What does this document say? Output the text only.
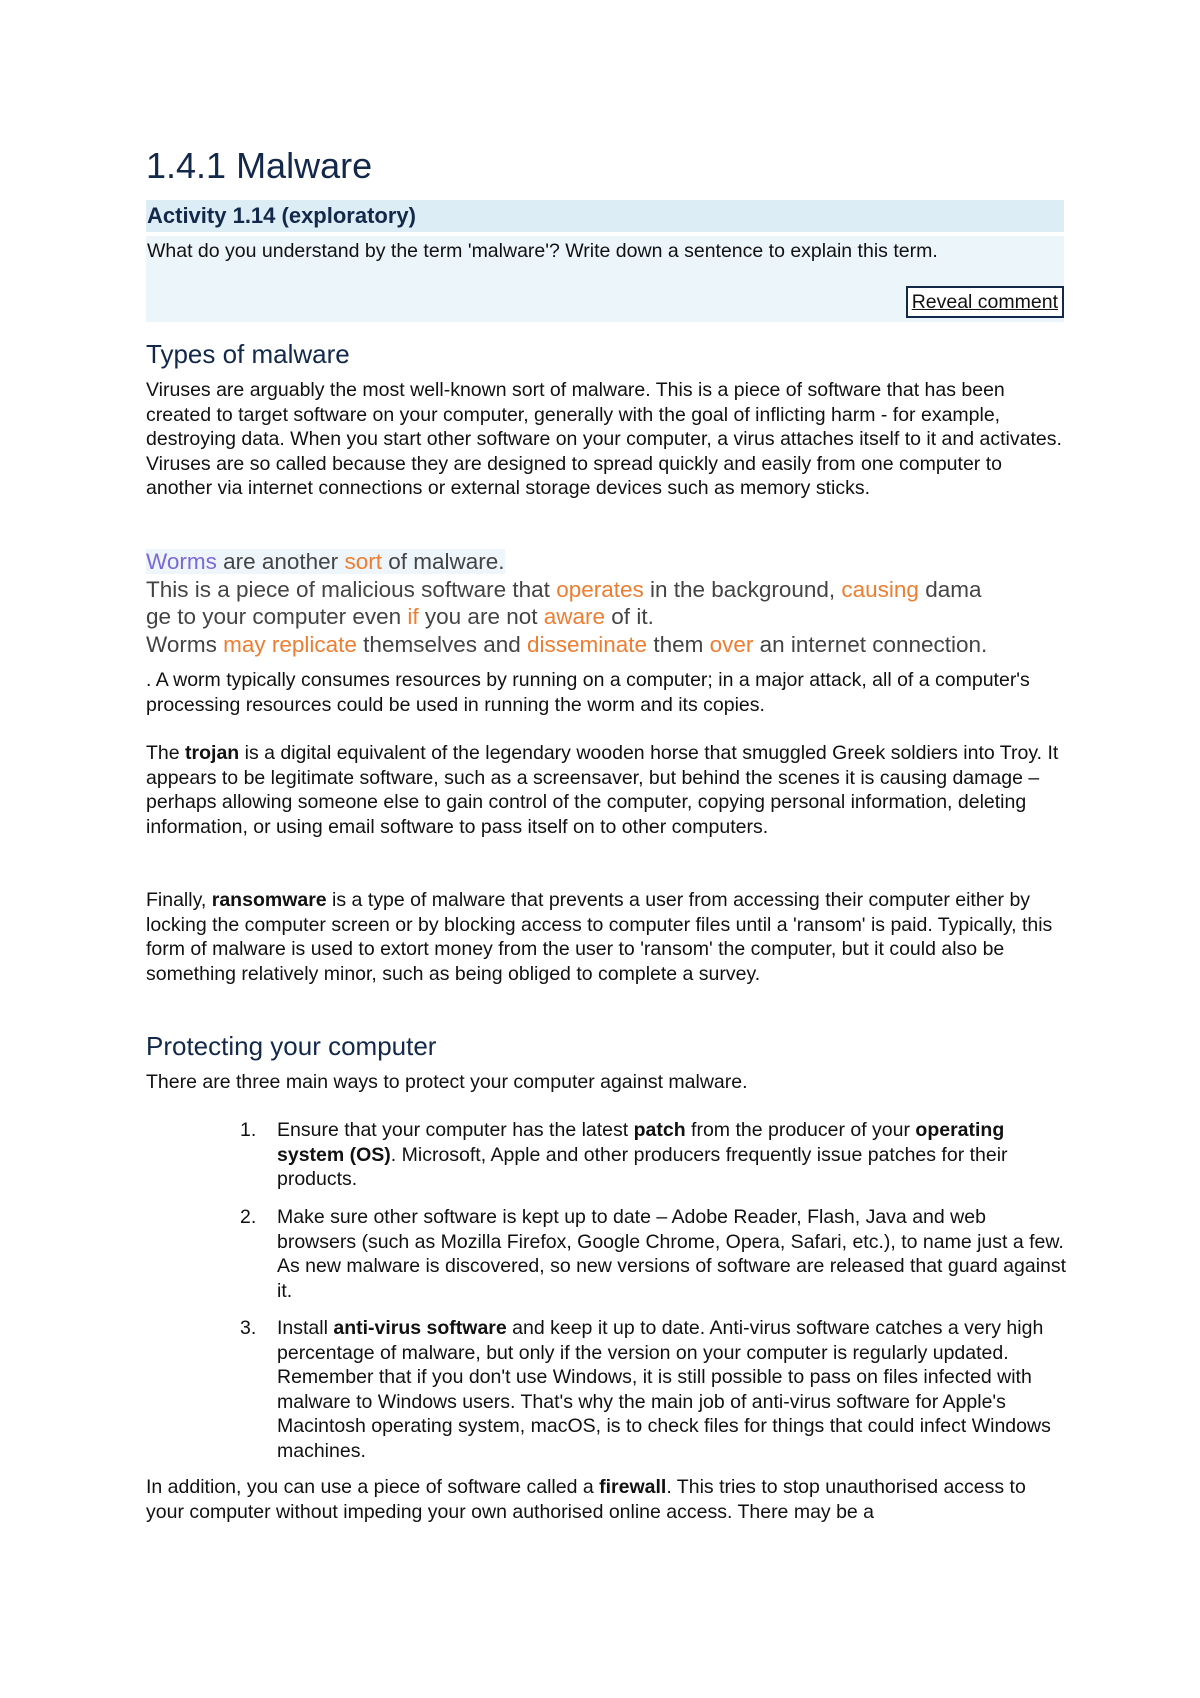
1.4.1 Malware
Activity 1.14 (exploratory)
What do you understand by the term 'malware'? Write down a sentence to explain this term.
Reveal comment
Types of malware

Viruses are arguably the most well-known sort of malware. This is a piece of software that has been created to target software on your computer, generally with the goal of inflicting harm - for example, destroying data. When you start other software on your computer, a virus attaches itself to it and activates. Viruses are so called because they are designed to spread quickly and easily from one computer to another via internet connections or external storage devices such as memory sticks.

Worms are another sort of malware.
This is a piece of malicious software that operates in the background, causing dama
ge to your computer even if you are not aware of it.
Worms may replicate themselves and disseminate them over an internet connection.

. A worm typically consumes resources by running on a computer; in a major attack, all of a computer's processing resources could be used in running the worm and its copies.

The trojan is a digital equivalent of the legendary wooden horse that smuggled Greek soldiers into Troy. It appears to be legitimate software, such as a screensaver, but behind the scenes it is causing damage – perhaps allowing someone else to gain control of the computer, copying personal information, deleting information, or using email software to pass itself on to other computers.

Finally, ransomware is a type of malware that prevents a user from accessing their computer either by locking the computer screen or by blocking access to computer files until a 'ransom' is paid. Typically, this form of malware is used to extort money from the user to 'ransom' the computer, but it could also be something relatively minor, such as being obliged to complete a survey.

Protecting your computer

There are three main ways to protect your computer against malware.

1.	Ensure that your computer has the latest patch from the producer of your operating system (OS). Microsoft, Apple and other producers frequently issue patches for their products.
2.	Make sure other software is kept up to date – Adobe Reader, Flash, Java and web browsers (such as Mozilla Firefox, Google Chrome, Opera, Safari, etc.), to name just a few. As new malware is discovered, so new versions of software are released that guard against it.
3.	Install anti-virus software and keep it up to date. Anti-virus software catches a very high percentage of malware, but only if the version on your computer is regularly updated. Remember that if you don't use Windows, it is still possible to pass on files infected with malware to Windows users. That's why the main job of anti-virus software for Apple's Macintosh operating system, macOS, is to check files for things that could infect Windows machines.

In addition, you can use a piece of software called a firewall. This tries to stop unauthorised access to your computer without impeding your own authorised online access. There may be a
